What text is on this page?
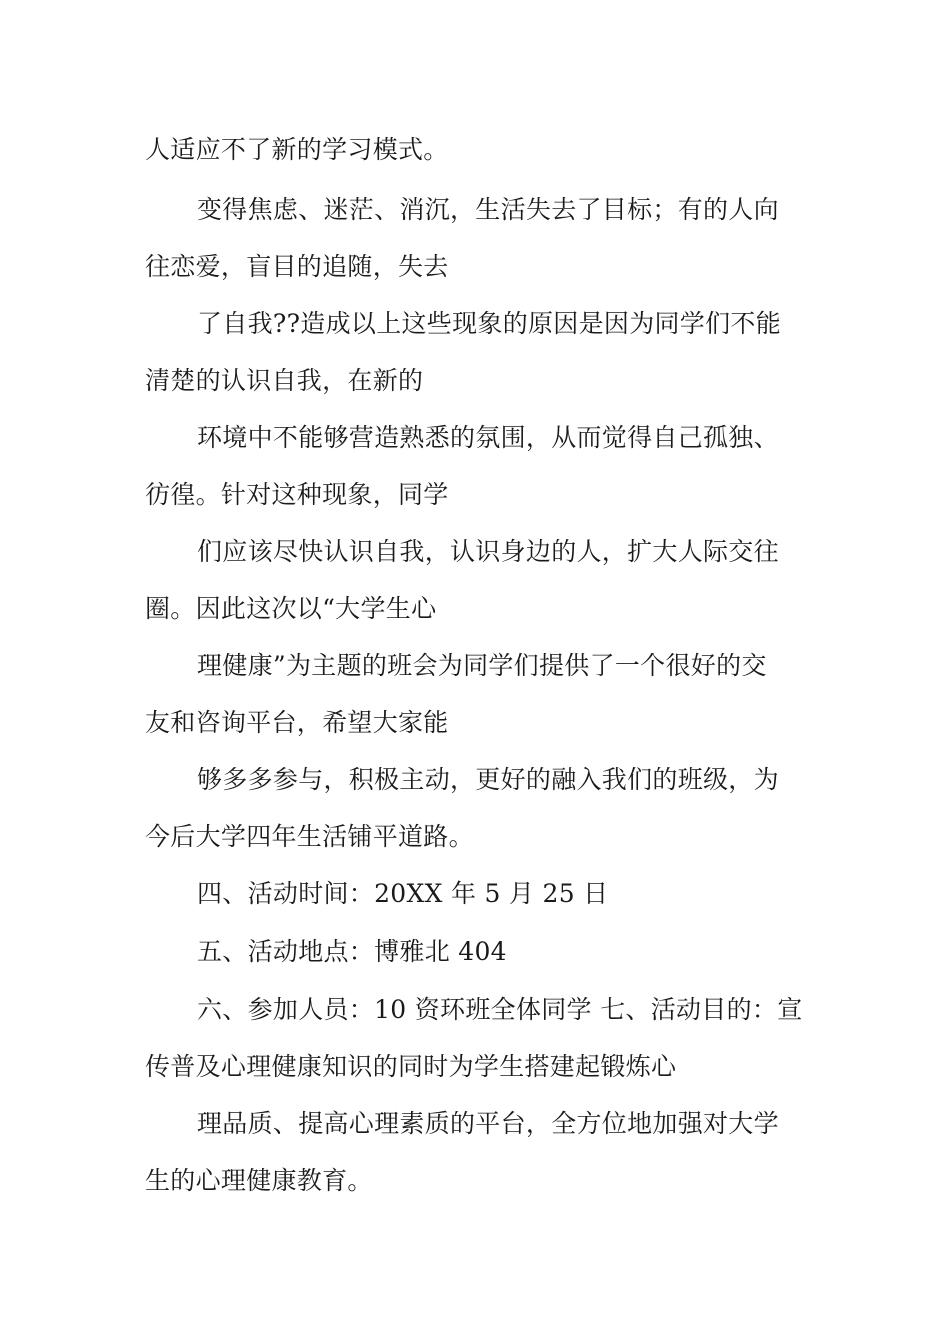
人适应不了新的学习模式。
变得焦虑、迷茫、消沉，生活失去了目标；有的人向
往恋爱，盲目的追随，失去
了自我??造成以上这些现象的原因是因为同学们不能
清楚的认识自我，在新的
环境中不能够营造熟悉的氛围，从而觉得自己孤独、
彷徨。针对这种现象，同学
们应该尽快认识自我，认识身边的人，扩大人际交往
圈。因此这次以“大学生心
理健康”为主题的班会为同学们提供了一个很好的交
友和咨询平台，希望大家能
够多多参与，积极主动，更好的融入我们的班级，为
今后大学四年生活铺平道路。
四、活动时间：20XX 年 5 月 25 日
五、活动地点：博雅北 404
六、参加人员：10 资环班全体同学 七、活动目的：宣
传普及心理健康知识的同时为学生搭建起锻炼心
理品质、提高心理素质的平台，全方位地加强对大学
生的心理健康教育。
